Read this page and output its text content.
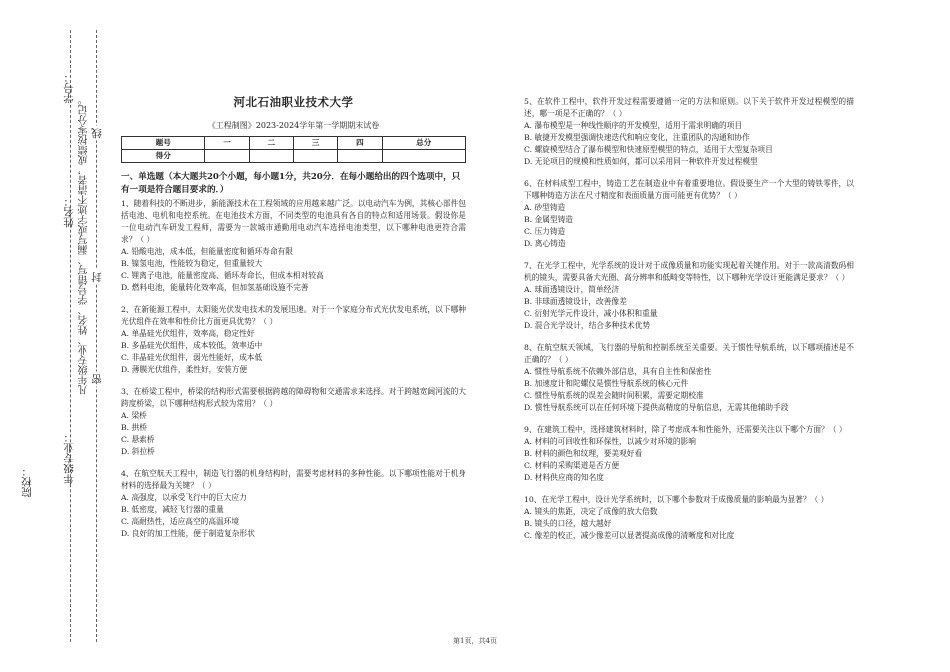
院校：	年级专业：
姓名：
学号：
凡年级专业、姓名、学号错写、漏写或字迹不清者，成绩按零分记。 线
封
密
河北石油职业技术大学
《工程制图》2023-2024学年第一学期期末试卷
题号	一	二	三	四	总分
得分					
一、单选题（本大题共20个小题，每小题1分，共20分．在每小题给出的四个选项中，只有一项是符合题目要求的．）
1、随着科技的不断进步，新能源技术在工程领域的应用越来越广泛。以电动汽车为例，其核心部件包括电池、电机和电控系统。在电池技术方面，不同类型的电池具有各自的特点和适用场景。假设你是一位电动汽车研发工程师，需要为一款城市通勤用电动汽车选择电池类型，以下哪种电池更符合需求？（ ）
A. 铅酸电池，成本低，但能量密度和循环寿命有限
B. 镍氢电池，性能较为稳定，但重量较大
C. 锂离子电池，能量密度高、循环寿命长，但成本相对较高
D. 燃料电池，能量转化效率高，但加氢基础设施不完善
2、在新能源工程中，太阳能光伏发电技术的发展迅速。对于一个家庭分布式光伏发电系统，以下哪种光伏组件在效率和性价比方面更具优势？（ ）
A. 单晶硅光伏组件，效率高，稳定性好
B. 多晶硅光伏组件，成本较低，效率适中
C. 非晶硅光伏组件，弱光性能好，成本低
D. 薄膜光伏组件，柔性好，安装方便
3、在桥梁工程中，桥梁的结构形式需要根据跨越的障碍物和交通需求来选择。对于跨越宽阔河流的大跨度桥梁，以下哪种结构形式较为常用？（ ）
A. 梁桥
B. 拱桥
C. 悬索桥
D. 斜拉桥
4、在航空航天工程中，制造飞行器的机身结构时，需要考虑材料的多种性能。以下哪项性能对于机身材料的选择最为关键？（ ）
A. 高强度，以承受飞行中的巨大应力
B. 低密度，减轻飞行器的重量
C. 高耐热性，适应高空的高温环境
D. 良好的加工性能，便于制造复杂形状
5、在软件工程中，软件开发过程需要遵循一定的方法和原则。以下关于软件开发过程模型的描述，哪一项是不正确的？（ ）
A. 瀑布模型是一种线性顺序的开发模型，适用于需求明确的项目
B. 敏捷开发模型强调快速迭代和响应变化，注重团队的沟通和协作
C. 螺旋模型结合了瀑布模型和快速原型模型的特点，适用于大型复杂项目
D. 无论项目的规模和性质如何，都可以采用同一种软件开发过程模型
6、在材料成型工程中，铸造工艺在制造业中有着重要地位。假设要生产一个大型的铸铁零件，以下哪种铸造方法在尺寸精度和表面质量方面可能更有优势？（ ）
A. 砂型铸造
B. 金属型铸造
C. 压力铸造
D. 离心铸造
7、在光学工程中，光学系统的设计对于成像质量和功能实现起着关键作用。对于一款高清数码相机的镜头，需要具备大光圈、高分辨率和低畸变等特性，以下哪种光学设计更能满足要求？（ ）
A. 球面透镜设计，简单经济
B. 非球面透镜设计，改善像差
C. 衍射光学元件设计，减小体积和重量
D. 混合光学设计，结合多种技术优势
8、在航空航天领域，飞行器的导航和控制系统至关重要。关于惯性导航系统，以下哪项描述是不正确的？（ ）
A. 惯性导航系统不依赖外部信息，具有自主性和保密性
B. 加速度计和陀螺仪是惯性导航系统的核心元件
C. 惯性导航系统的误差会随时间积累，需要定期校准
D. 惯性导航系统可以在任何环境下提供高精度的导航信息，无需其他辅助手段
9、在建筑工程中，选择建筑材料时，除了考虑成本和性能外，还需要关注以下哪个方面？（ ）
A. 材料的可回收性和环保性，以减少对环境的影响
B. 材料的颜色和纹理，要美观好看
C. 材料的采购渠道是否方便
D. 材料供应商的知名度
10、在光学工程中，设计光学系统时，以下哪个参数对于成像质量的影响最为显著？（ ）
A. 镜头的焦距，决定了成像的放大倍数
B. 镜头的口径，越大越好
C. 像差的校正，减少像差可以显著提高成像的清晰度和对比度
第1页，共4页
